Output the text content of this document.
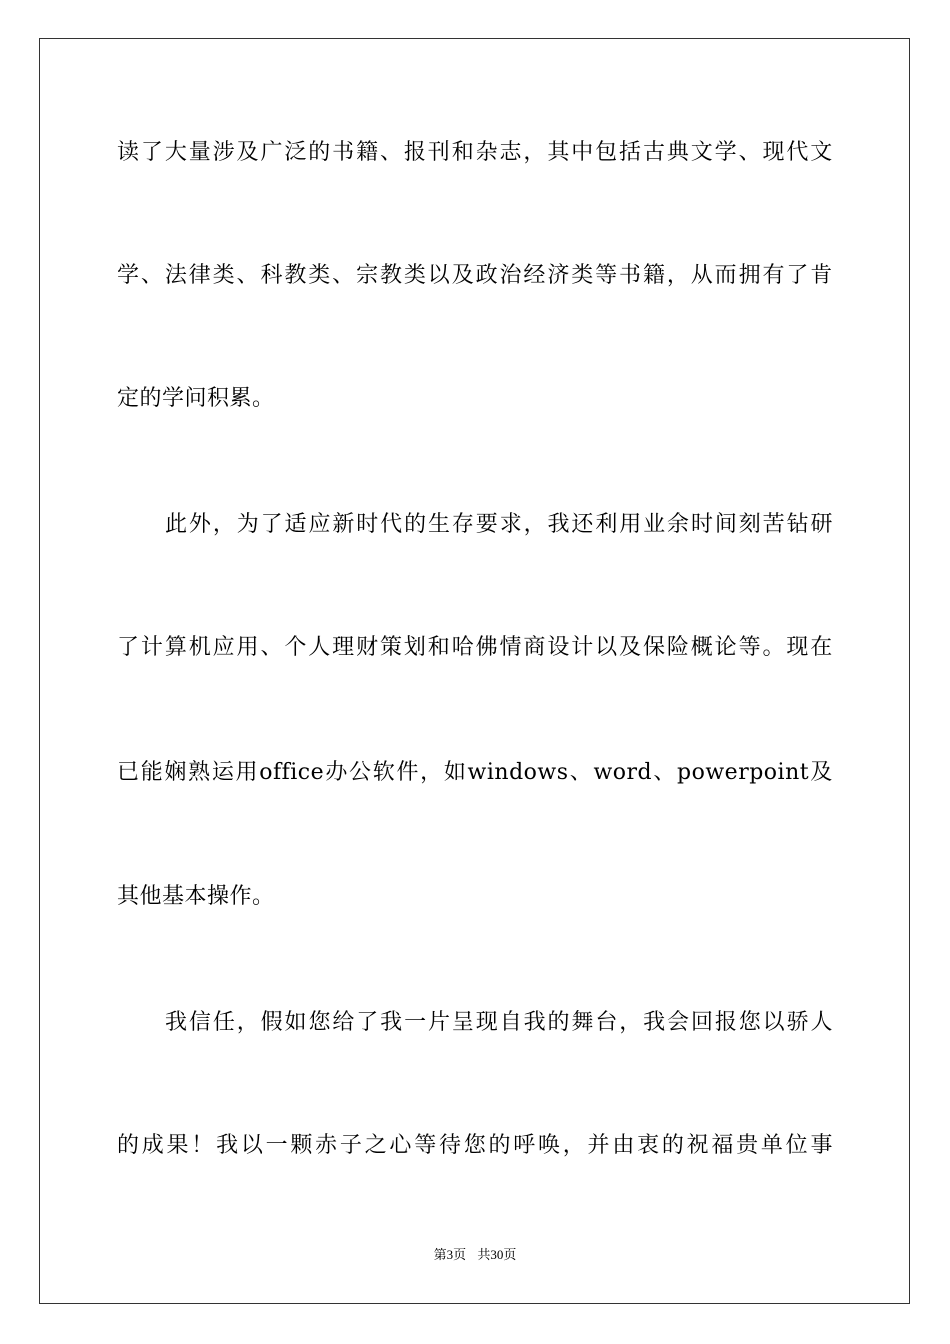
读 了 大 量 涉 及 广 泛 的 书 籍 、 报 刊 和 杂 志 ， 其 中 包 括 古 典 文 学 、 现 代 文
学 、 法 律 类 、 科 教 类 、 宗 教 类 以 及 政 治 经 济 类 等 书 籍 ， 从 而 拥 有 了 肯
定的学问积累。
此 外 ， 为 了 适 应 新 时 代 的 生 存 要 求 ， 我 还 利 用 业 余 时 间 刻 苦 钻 研
了 计 算 机 应 用 、 个 人 理 财 策 划 和 哈 佛 情 商 设 计 以 及 保 险 概 论 等 。 现 在
已 能 娴 熟 运 用 office 办 公 软 件 ， 如 windows 、 word 、 powerpoint 及
其他基本操作。
我 信 任 ， 假 如 您 给 了 我 一 片 呈 现 自 我 的 舞 台 ， 我 会 回 报 您 以 骄 人
的 成 果 ！ 我 以 一 颗 赤 子 之 心 等 待 您 的 呼 唤 ， 并 由 衷 的 祝 福 贵 单 位 事
第3页 共30页
